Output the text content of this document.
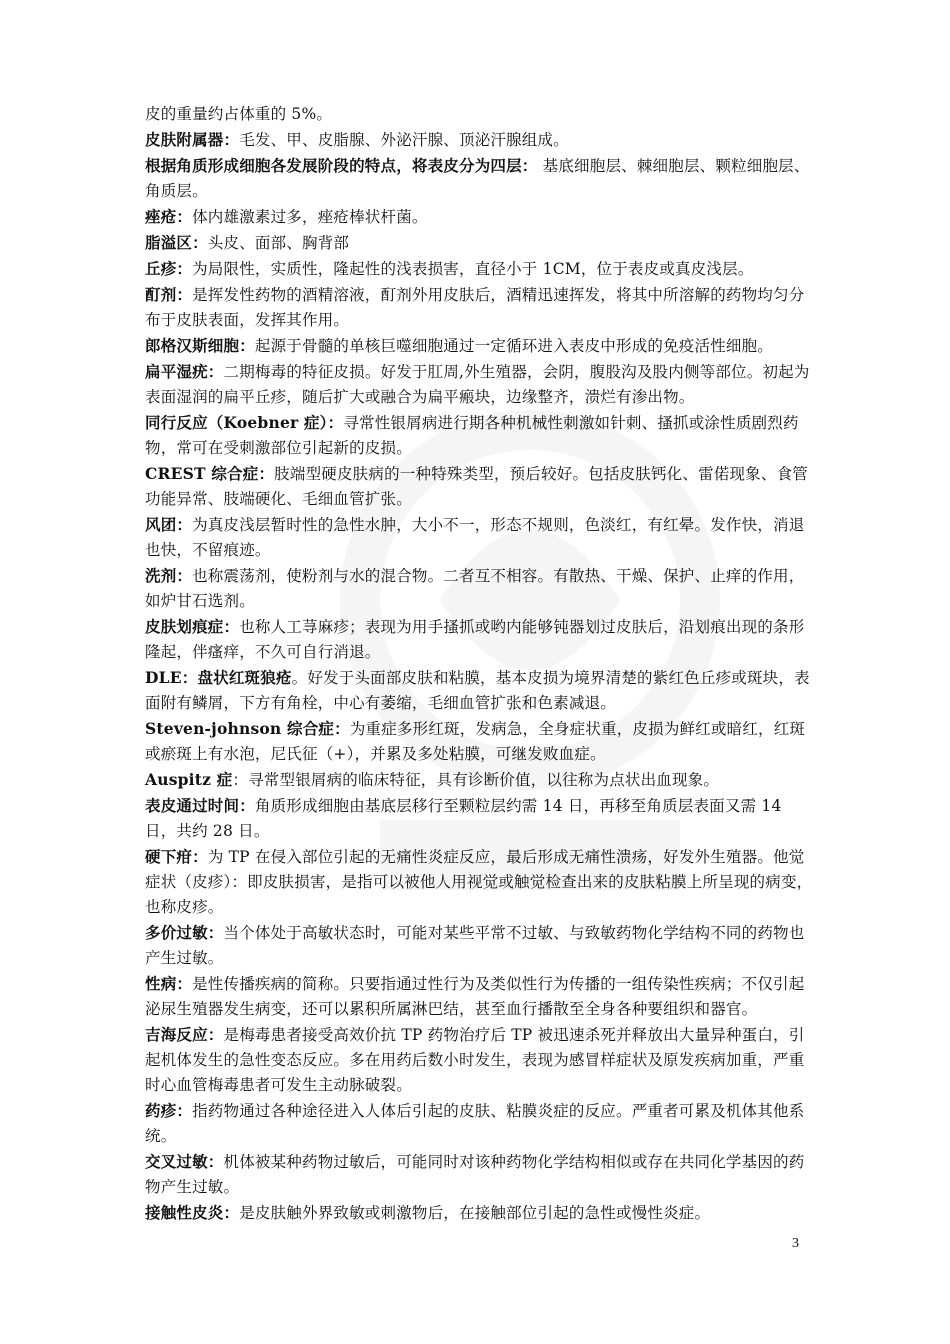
皮的重量约占体重的 5%。

皮肤附属器：毛发、甲、皮脂腺、外泌汗腺、顶泌汗腺组成。

根据角质形成细胞各发展阶段的特点，将表皮分为四层： 基底细胞层、棘细胞层、颗粒细胞层、角质层。

痤疮：体内雄激素过多，痤疮棒状杆菌。

脂溢区：头皮、面部、胸背部

丘疹：为局限性，实质性，隆起性的浅表损害，直径小于 1CM，位于表皮或真皮浅层。

酊剂：是挥发性药物的酒精溶液，酊剂外用皮肤后，酒精迅速挥发，将其中所溶解的药物均匀分布于皮肤表面，发挥其作用。

郎格汉斯细胞：起源于骨髓的单核巨噬细胞通过一定循环进入表皮中形成的免疫活性细胞。

扁平湿疣：二期梅毒的特征皮损。好发于肛周,外生殖器，会阴，腹股沟及股内侧等部位。初起为表面湿润的扁平丘疹，随后扩大或融合为扁平瘢块，边缘整齐，溃烂有渗出物。

同行反应（Koebner 症）：寻常性银屑病进行期各种机械性刺激如针刺、搔抓或涂性质剧烈药物，常可在受刺激部位引起新的皮损。

CREST 综合症：肢端型硬皮肤病的一种特殊类型，预后较好。包括皮肤钙化、雷偌现象、食管功能异常、肢端硬化、毛细血管扩张。

风团：为真皮浅层暂时性的急性水肿，大小不一，形态不规则，色淡红，有红晕。发作快，消退也快，不留痕迹。

洗剂：也称震荡剂，使粉剂与水的混合物。二者互不相容。有散热、干燥、保护、止痒的作用，如炉甘石选剂。

皮肤划痕症：也称人工荨麻疹；表现为用手搔抓或哟内能够钝器划过皮肤后，沿划痕出现的条形隆起，伴瘙痒，不久可自行消退。

DLE：盘状红斑狼疮。好发于头面部皮肤和粘膜，基本皮损为境界清楚的紫红色丘疹或斑块，表面附有鳞屑，下方有角栓，中心有萎缩，毛细血管扩张和色素减退。

Steven-johnson 综合症：为重症多形红斑，发病急，全身症状重，皮损为鲜红或暗红，红斑或瘀斑上有水泡，尼氏征（+），并累及多处粘膜，可继发败血症。

Auspitz 症：寻常型银屑病的临床特征，具有诊断价值，以往称为点状出血现象。

表皮通过时间：角质形成细胞由基底层移行至颗粒层约需 14 日，再移至角质层表面又需 14 日，共约 28 日。

硬下疳：为 TP 在侵入部位引起的无痛性炎症反应，最后形成无痛性溃疡，好发外生殖器。他觉症状（皮疹）：即皮肤损害，是指可以被他人用视觉或触觉检查出来的皮肤粘膜上所呈现的病变，也称皮疹。

多价过敏：当个体处于高敏状态时，可能对某些平常不过敏、与致敏药物化学结构不同的药物也产生过敏。

性病：是性传播疾病的简称。只要指通过性行为及类似性行为传播的一组传染性疾病；不仅引起泌尿生殖器发生病变，还可以累积所属淋巴结，甚至血行播散至全身各种要组织和器官。

吉海反应：是梅毒患者接受高效价抗 TP 药物治疗后 TP 被迅速杀死并释放出大量异种蛋白，引起机体发生的急性变态反应。多在用药后数小时发生，表现为感冒样症状及原发疾病加重，严重时心血管梅毒患者可发生主动脉破裂。

药疹：指药物通过各种途径进入人体后引起的皮肤、粘膜炎症的反应。严重者可累及机体其他系统。

交叉过敏：机体被某种药物过敏后，可能同时对该种药物化学结构相似或存在共同化学基因的药物产生过敏。

接触性皮炎：是皮肤触外界致敏或刺激物后，在接触部位引起的急性或慢性炎症。

3
